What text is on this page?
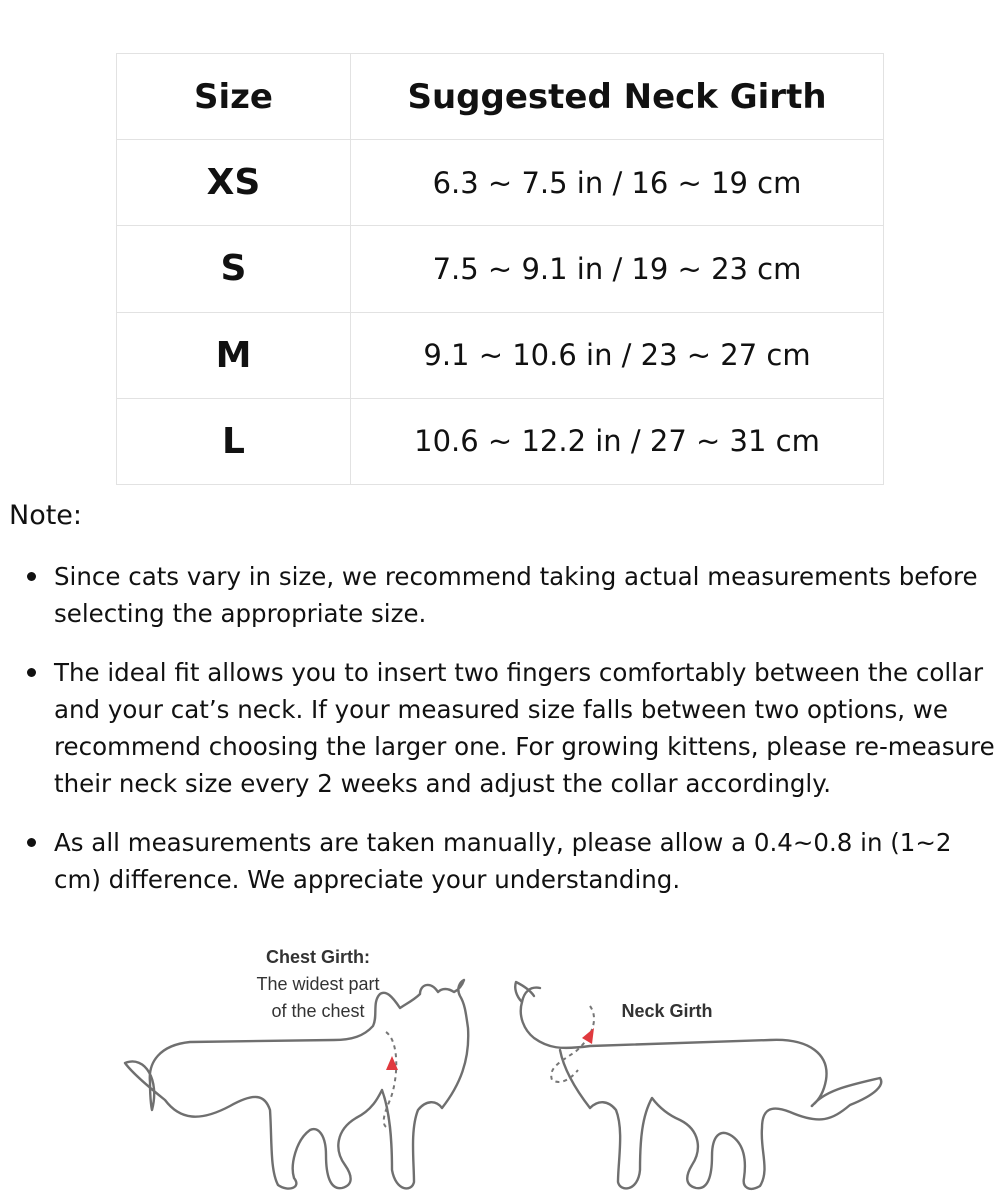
Size	Suggested Neck Girth
XS	6.3 ~ 7.5 in / 16 ~ 19 cm
S	7.5 ~ 9.1 in / 19 ~ 23 cm
M	9.1 ~ 10.6 in / 23 ~ 27 cm
L	10.6 ~ 12.2 in / 27 ~ 31 cm

Note:

Since cats vary in size, we recommend taking actual measurements before selecting the appropriate size.
The ideal fit allows you to insert two fingers comfortably between the collar and your cat’s neck. If your measured size falls between two options, we recommend choosing the larger one. For growing kittens, please re-measure their neck size every 2 weeks and adjust the collar accordingly.
As all measurements are taken manually, please allow a 0.4~0.8 in (1~2 cm) difference. We appreciate your understanding.
Chest Girth:
The widest part
of the chest	Neck Girth
